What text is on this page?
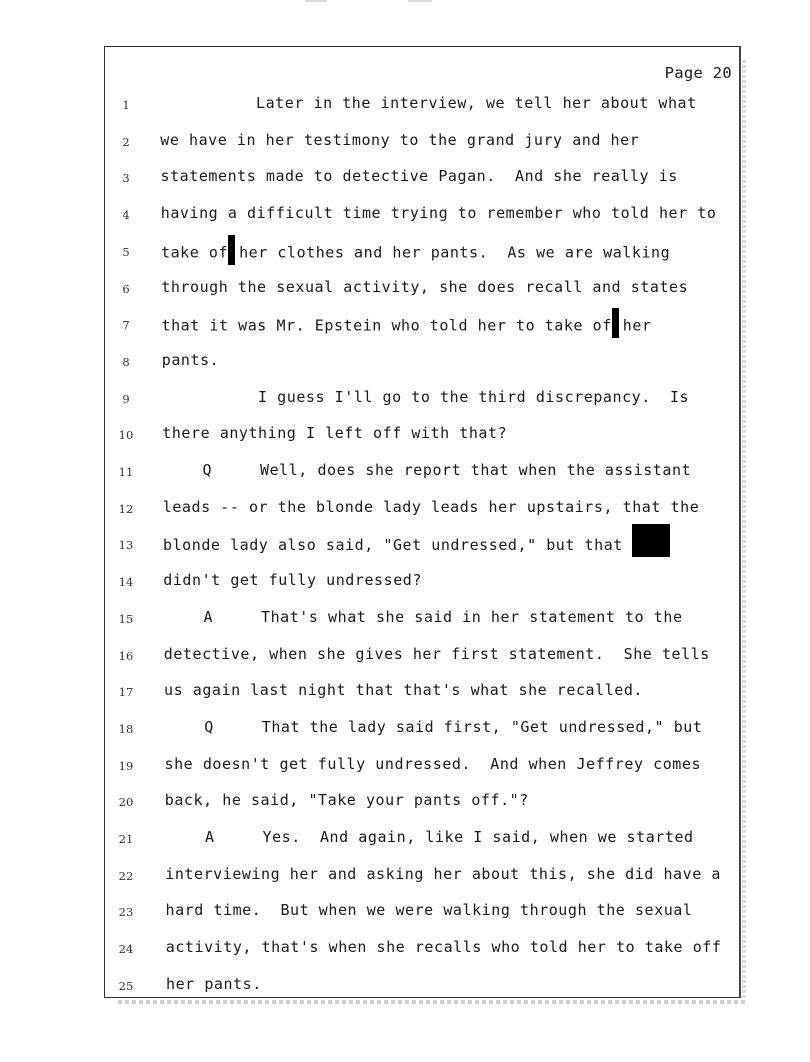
Page 20
1	Later in the interview, we tell her about what
2	we have in her testimony to the grand jury and her
3	statements made to detective Pagan.  And she really is
4	having a difficult time trying to remember who told her to
5	take of her clothes and her pants.  As we are walking
6	through the sexual activity, she does recall and states
7	that it was Mr. Epstein who told her to take of her
8	pants.
9	I guess I'll go to the third discrepancy.  Is
10	there anything I left off with that?
11	Q     Well, does she report that when the assistant
12	leads -- or the blonde lady leads her upstairs, that the
13	blonde lady also said, "Get undressed," but that
14	didn't get fully undressed?
15	A     That's what she said in her statement to the
16	detective, when she gives her first statement.  She tells
17	us again last night that that's what she recalled.
18	Q     That the lady said first, "Get undressed," but
19	she doesn't get fully undressed.  And when Jeffrey comes
20	back, he said, "Take your pants off."?
21	A     Yes.  And again, like I said, when we started
22	interviewing her and asking her about this, she did have a
23	hard time.  But when we were walking through the sexual
24	activity, that's when she recalls who told her to take off
25	her pants.
